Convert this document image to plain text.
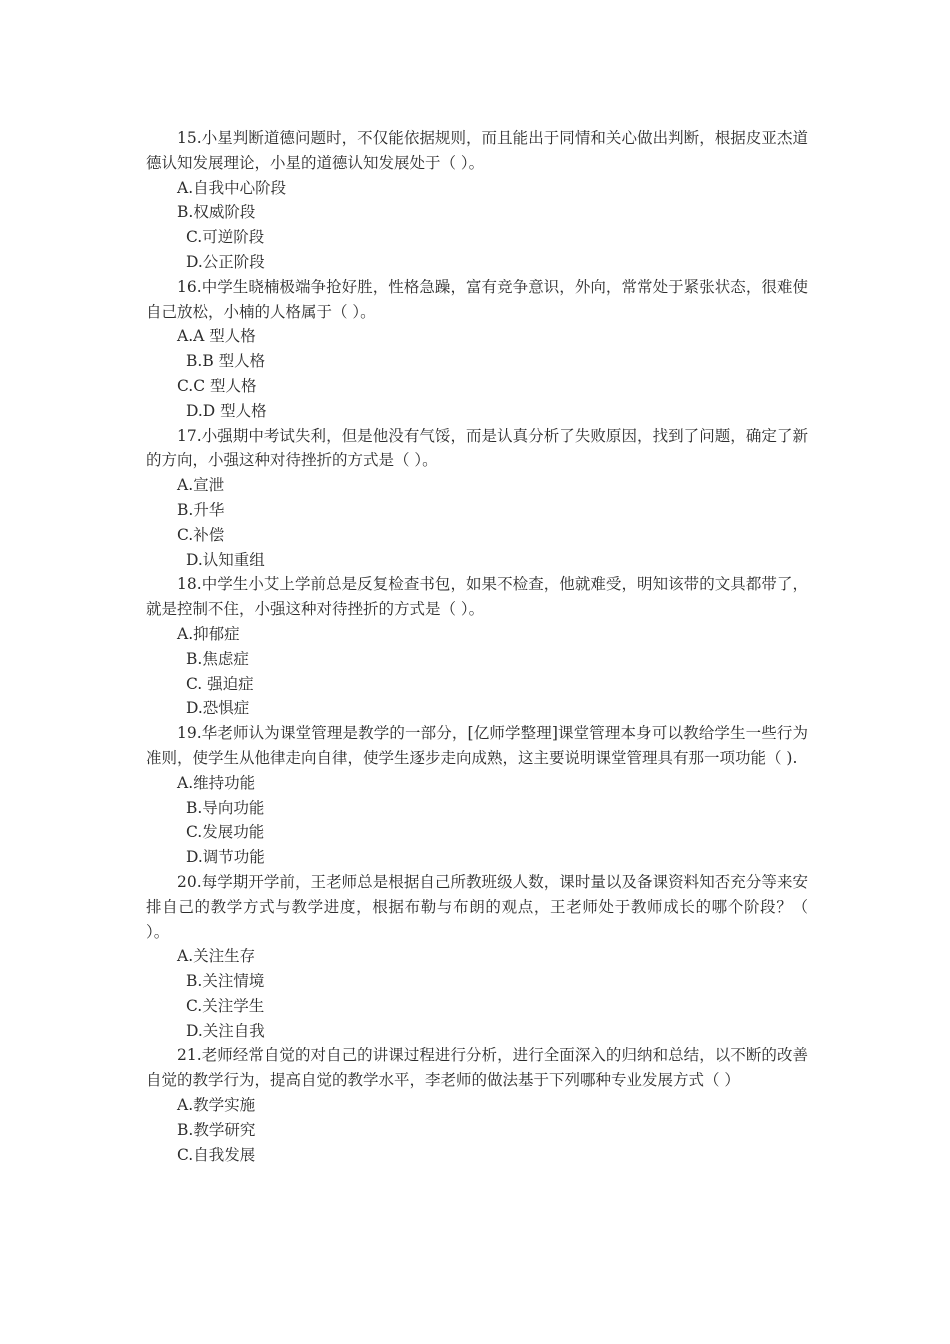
15.小星判断道德问题时，不仅能依据规则，而且能出于同情和关心做出判断，根据皮亚杰道德认知发展理论，小星的道德认知发展处于（ ）。

A.自我中心阶段

B.权威阶段

C.可逆阶段

D.公正阶段

16.中学生晓楠极端争抢好胜，性格急躁，富有竞争意识，外向，常常处于紧张状态，很难使自己放松，小楠的人格属于（ ）。

A.A 型人格

B.B 型人格

C.C 型人格

D.D 型人格

17.小强期中考试失利，但是他没有气馁，而是认真分析了失败原因，找到了问题，确定了新的方向，小强这种对待挫折的方式是（ ）。

A.宣泄

B.升华

C.补偿

D.认知重组

18.中学生小艾上学前总是反复检查书包，如果不检查，他就难受，明知该带的文具都带了，就是控制不住，小强这种对待挫折的方式是（ ）。

A.抑郁症

B.焦虑症

C. 强迫症

D.恐惧症

19.华老师认为课堂管理是教学的一部分，[亿师学整理]课堂管理本身可以教给学生一些行为准则，使学生从他律走向自律，使学生逐步走向成熟，这主要说明课堂管理具有那一项功能（ ).

A.维持功能

B.导向功能

C.发展功能

D.调节功能

20.每学期开学前，王老师总是根据自己所教班级人数，课时量以及备课资料知否充分等来安排自己的教学方式与教学进度，根据布勒与布朗的观点，王老师处于教师成长的哪个阶段？（ ）。

A.关注生存

B.关注情境

C.关注学生

D.关注自我

21.老师经常自觉的对自己的讲课过程进行分析，进行全面深入的归纳和总结，以不断的改善自觉的教学行为，提高自觉的教学水平，李老师的做法基于下列哪种专业发展方式（ ）

A.教学实施

B.教学研究

C.自我发展
